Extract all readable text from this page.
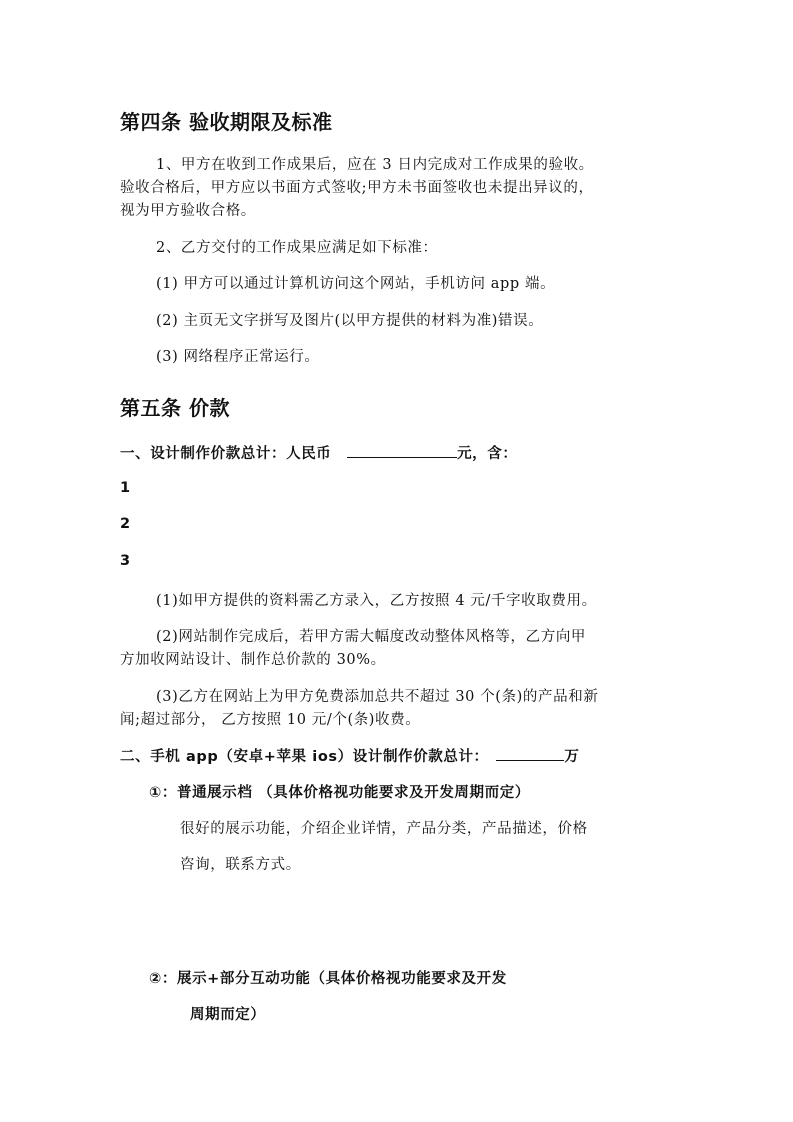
第四条 验收期限及标准
1、甲方在收到工作成果后，应在 3 日内完成对工作成果的验收。
验收合格后，甲方应以书面方式签收;甲方未书面签收也未提出异议的，
视为甲方验收合格。
2、乙方交付的工作成果应满足如下标准：
(1) 甲方可以通过计算机访问这个网站，手机访问 app 端。
(2) 主页无文字拼写及图片(以甲方提供的材料为准)错误。
(3) 网络程序正常运行。
第五条 价款
一、设计制作价款总计：人民币	元，含：
1
2
3
(1)如甲方提供的资料需乙方录入，乙方按照 4 元/千字收取费用。
(2)网站制作完成后，若甲方需大幅度改动整体风格等，乙方向甲
方加收网站设计、制作总价款的 30%。
(3)乙方在网站上为甲方免费添加总共不超过 30 个(条)的产品和新
闻;超过部分， 乙方按照 10 元/个(条)收费。
二、手机 app（安卓+苹果 ios）设计制作价款总计：	万
①：普通展示档 （具体价格视功能要求及开发周期而定）
很好的展示功能，介绍企业详情，产品分类，产品描述，价格
咨询，联系方式。
②：展示+部分互动功能（具体价格视功能要求及开发
周期而定）
